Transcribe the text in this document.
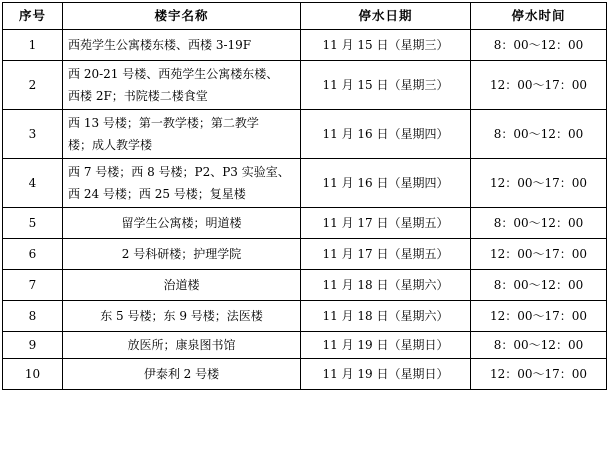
序号	楼宇名称	停水日期	停水时间
1	西苑学生公寓楼东楼、西楼 3-19F	11 月 15 日（星期三）	8：00～12：00
2	西 20-21 号楼、西苑学生公寓楼东楼、
西楼 2F；书院楼二楼食堂	11 月 15 日（星期三）	12：00～17：00
3	西 13 号楼；第一教学楼；第二教学
楼；成人教学楼	11 月 16 日（星期四）	8：00～12：00
4	西 7 号楼；西 8 号楼；P2、P3 实验室、
西 24 号楼；西 25 号楼；复星楼	11 月 16 日（星期四）	12：00～17：00
5	留学生公寓楼；明道楼	11 月 17 日（星期五）	8：00～12：00
6	2 号科研楼；护理学院	11 月 17 日（星期五）	12：00～17：00
7	治道楼	11 月 18 日（星期六）	8：00～12：00
8	东 5 号楼；东 9 号楼；法医楼	11 月 18 日（星期六）	12：00～17：00
9	放医所；康泉图书馆	11 月 19 日（星期日）	8：00～12：00
10	伊泰利 2 号楼	11 月 19 日（星期日）	12：00～17：00
